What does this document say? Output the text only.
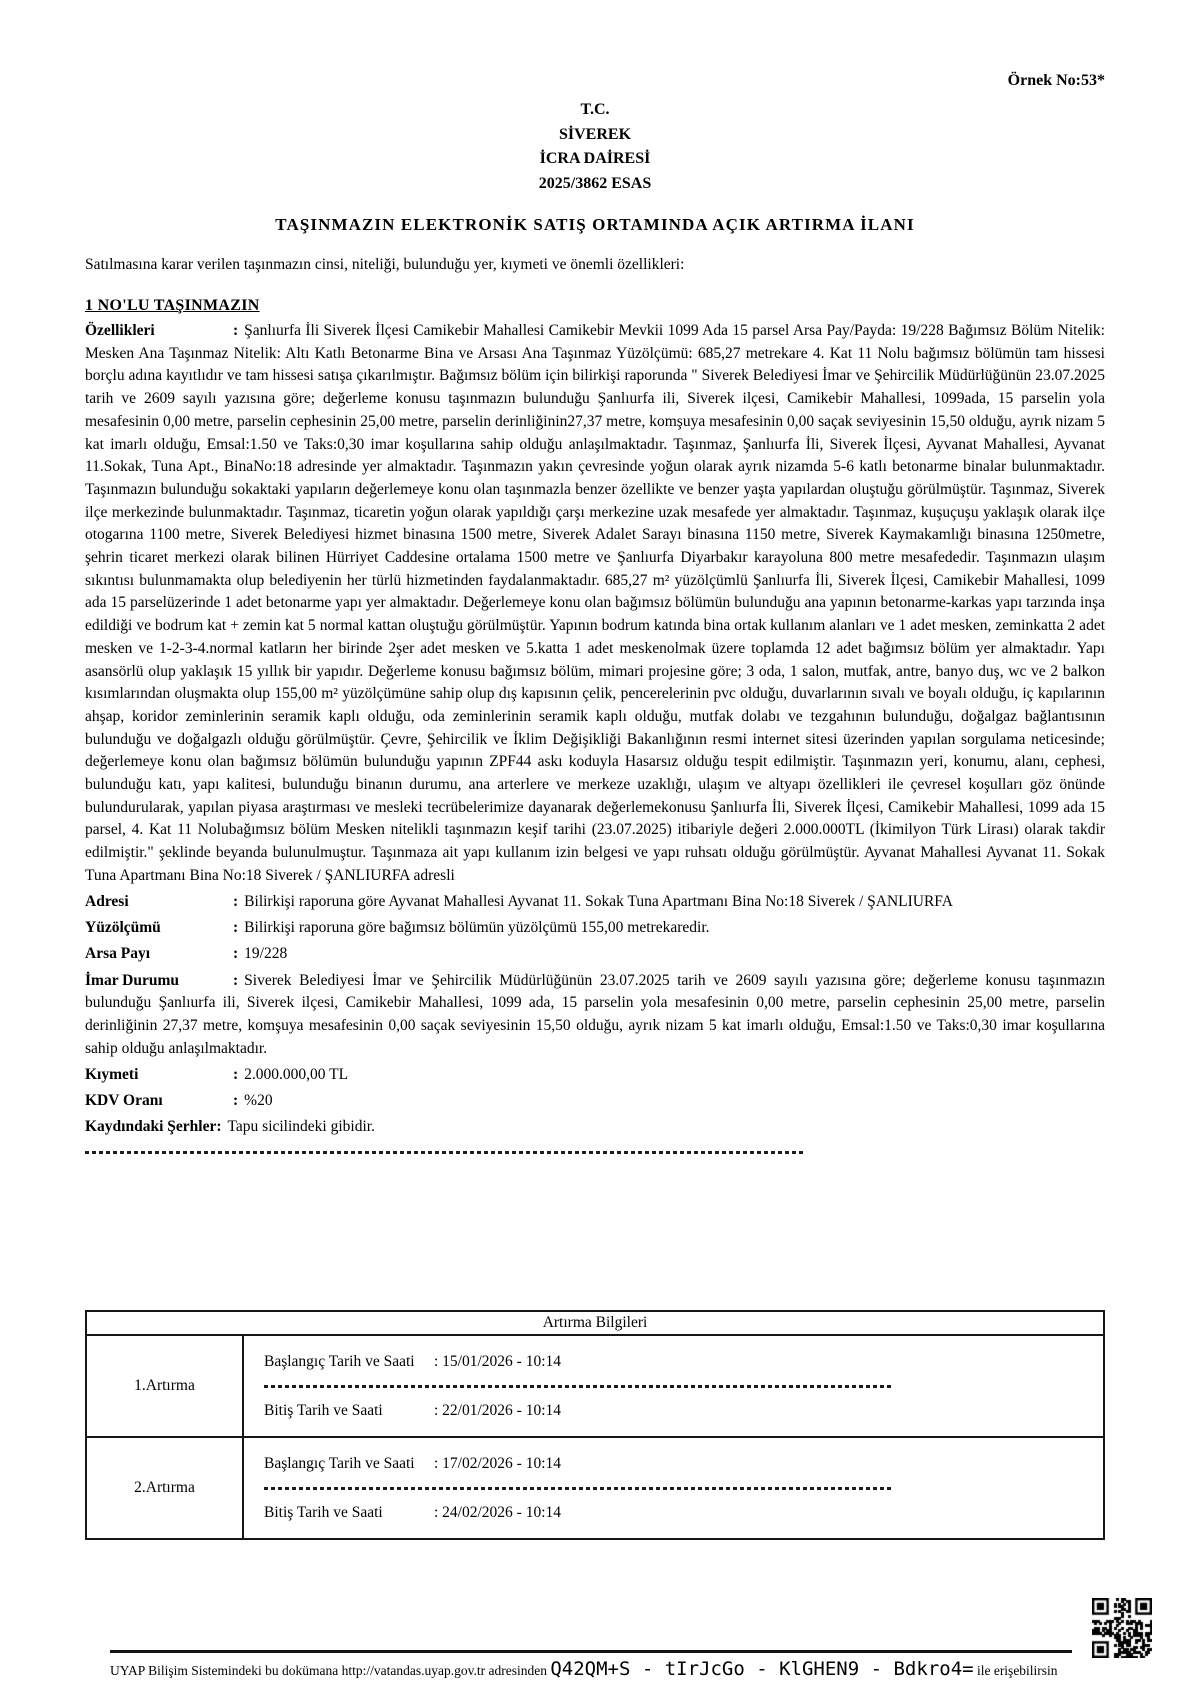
Örnek No:53*
T.C.
SİVEREK
İCRA DAİRESİ
2025/3862 ESAS
TAŞINMAZIN ELEKTRONİK SATIŞ ORTAMINDA AÇIK ARTIRMA İLANI
Satılmasına karar verilen taşınmazın cinsi, niteliği, bulunduğu yer, kıymeti ve önemli özellikleri:
1 NO'LU TAŞINMAZIN

Özellikleri	: Şanlıurfa İli Siverek İlçesi Camikebir Mahallesi Camikebir Mevkii 1099 Ada 15 parsel Arsa Pay/Payda: 19/228 Bağımsız Bölüm Nitelik: Mesken Ana Taşınmaz Nitelik: Altı Katlı Betonarme Bina ve Arsası Ana Taşınmaz Yüzölçümü: 685,27 metrekare 4. Kat 11 Nolu bağımsız bölümün tam hissesi borçlu adına kayıtlıdır ve tam hissesi satışa çıkarılmıştır. Bağımsız bölüm için bilirkişi raporunda " Siverek Belediyesi İmar ve Şehircilik Müdürlüğünün 23.07.2025 tarih ve 2609 sayılı yazısına göre; değerleme konusu taşınmazın bulunduğu Şanlıurfa ili, Siverek ilçesi, Camikebir Mahallesi, 1099ada, 15 parselin yola mesafesinin 0,00 metre, parselin cephesinin 25,00 metre, parselin derinliğinin27,37 metre, komşuya mesafesinin 0,00 saçak seviyesinin 15,50 olduğu, ayrık nizam 5 kat imarlı olduğu, Emsal:1.50 ve Taks:0,30 imar koşullarına sahip olduğu anlaşılmaktadır. Taşınmaz, Şanlıurfa İli, Siverek İlçesi, Ayvanat Mahallesi, Ayvanat 11.Sokak, Tuna Apt., BinaNo:18 adresinde yer almaktadır. Taşınmazın yakın çevresinde yoğun olarak ayrık nizamda 5-6 katlı betonarme binalar bulunmaktadır. Taşınmazın bulunduğu sokaktaki yapıların değerlemeye konu olan taşınmazla benzer özellikte ve benzer yaşta yapılardan oluştuğu görülmüştür. Taşınmaz, Siverek ilçe merkezinde bulunmaktadır. Taşınmaz, ticaretin yoğun olarak yapıldığı çarşı merkezine uzak mesafede yer almaktadır. Taşınmaz, kuşuçuşu yaklaşık olarak ilçe otogarına 1100 metre, Siverek Belediyesi hizmet binasına 1500 metre, Siverek Adalet Sarayı binasına 1150 metre, Siverek Kaymakamlığı binasına 1250metre, şehrin ticaret merkezi olarak bilinen Hürriyet Caddesine ortalama 1500 metre ve Şanlıurfa Diyarbakır karayoluna 800 metre mesafededir. Taşınmazın ulaşım sıkıntısı bulunmamakta olup belediyenin her türlü hizmetinden faydalanmaktadır. 685,27 m² yüzölçümlü Şanlıurfa İli, Siverek İlçesi, Camikebir Mahallesi, 1099 ada 15 parselüzerinde 1 adet betonarme yapı yer almaktadır. Değerlemeye konu olan bağımsız bölümün bulunduğu ana yapının betonarme-karkas yapı tarzında inşa edildiği ve bodrum kat + zemin kat 5 normal kattan oluştuğu görülmüştür. Yapının bodrum katında bina ortak kullanım alanları ve 1 adet mesken, zeminkatta 2 adet mesken ve 1-2-3-4.normal katların her birinde 2şer adet mesken ve 5.katta 1 adet meskenolmak üzere toplamda 12 adet bağımsız bölüm yer almaktadır. Yapı asansörlü olup yaklaşık 15 yıllık bir yapıdır. Değerleme konusu bağımsız bölüm, mimari projesine göre; 3 oda, 1 salon, mutfak, antre, banyo duş, wc ve 2 balkon kısımlarından oluşmakta olup 155,00 m² yüzölçümüne sahip olup dış kapısının çelik, pencerelerinin pvc olduğu, duvarlarının sıvalı ve boyalı olduğu, iç kapılarının ahşap, koridor zeminlerinin seramik kaplı olduğu, oda zeminlerinin seramik kaplı olduğu, mutfak dolabı ve tezgahının bulunduğu, doğalgaz bağlantısının bulunduğu ve doğalgazlı olduğu görülmüştür. Çevre, Şehircilik ve İklim Değişikliği Bakanlığının resmi internet sitesi üzerinden yapılan sorgulama neticesinde; değerlemeye konu olan bağımsız bölümün bulunduğu yapının ZPF44 askı koduyla Hasarsız olduğu tespit edilmiştir. Taşınmazın yeri, konumu, alanı, cephesi, bulunduğu katı, yapı kalitesi, bulunduğu binanın durumu, ana arterlere ve merkeze uzaklığı, ulaşım ve altyapı özellikleri ile çevresel koşulları göz önünde bulundurularak, yapılan piyasa araştırması ve mesleki tecrübelerimize dayanarak değerlemekonusu Şanlıurfa İli, Siverek İlçesi, Camikebir Mahallesi, 1099 ada 15 parsel, 4. Kat 11 Nolubağımsız bölüm Mesken nitelikli taşınmazın keşif tarihi (23.07.2025) itibariyle değeri 2.000.000TL (İkimilyon Türk Lirası) olarak takdir edilmiştir." şeklinde beyanda bulunulmuştur. Taşınmaza ait yapı kullanım izin belgesi ve yapı ruhsatı olduğu görülmüştür. Ayvanat Mahallesi Ayvanat 11. Sokak Tuna Apartmanı Bina No:18 Siverek / ŞANLIURFA adresli

Adresi	: Bilirkişi raporuna göre Ayvanat Mahallesi Ayvanat 11. Sokak Tuna Apartmanı Bina No:18 Siverek / ŞANLIURFA

Yüzölçümü	: Bilirkişi raporuna göre bağımsız bölümün yüzölçümü 155,00 metrekaredir.

Arsa Payı	: 19/228

İmar Durumu	: Siverek Belediyesi İmar ve Şehircilik Müdürlüğünün 23.07.2025 tarih ve 2609 sayılı yazısına göre; değerleme konusu taşınmazın bulunduğu Şanlıurfa ili, Siverek ilçesi, Camikebir Mahallesi, 1099 ada, 15 parselin yola mesafesinin 0,00 metre, parselin cephesinin 25,00 metre, parselin derinliğinin 27,37 metre, komşuya mesafesinin 0,00 saçak seviyesinin 15,50 olduğu, ayrık nizam 5 kat imarlı olduğu, Emsal:1.50 ve Taks:0,30 imar koşullarına sahip olduğu anlaşılmaktadır.

Kıymeti	: 2.000.000,00 TL

KDV Oranı	: %20

Kaydındaki Şerhler: Tapu sicilindeki gibidir.

Artırma Bilgileri	
1.Artırma	Başlangıç Tarih ve Saati : 15/01/2026 - 10:14
Bitiş Tarih ve Saati : 22/01/2026 - 10:14

2.Artırma	Başlangıç Tarih ve Saati : 17/02/2026 - 10:14
Bitiş Tarih ve Saati : 24/02/2026 - 10:14
UYAP Bilişim Sistemindeki bu dokümana http://vatandas.uyap.gov.tr adresinden Q42QM+S - tIrJcGo - KlGHEN9 - Bdkro4= ile erişebilirsin
